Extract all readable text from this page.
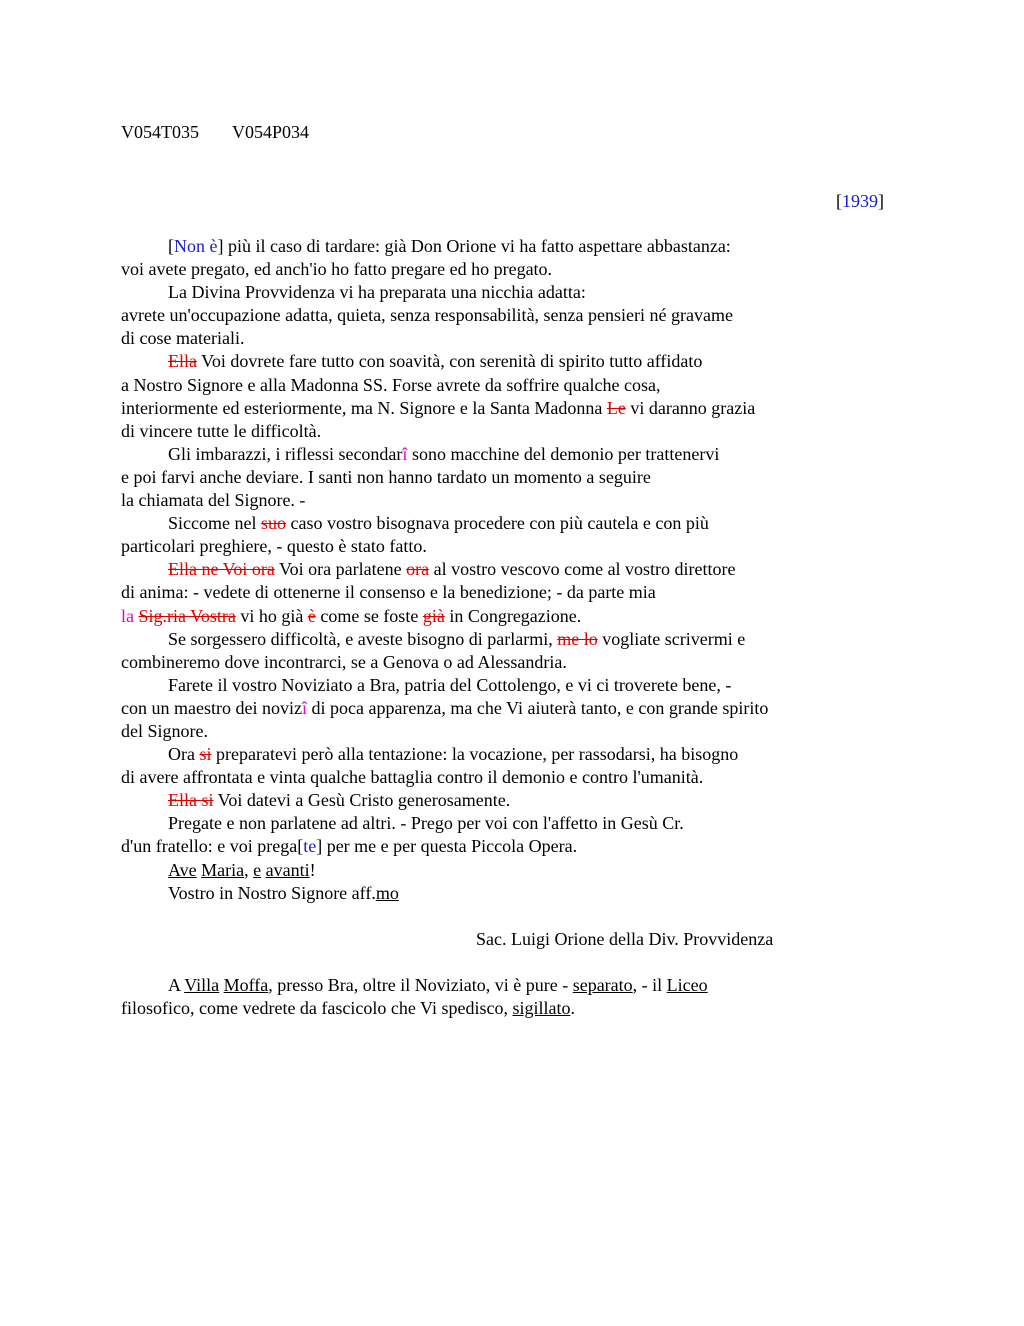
V054T035 V054P034
[1939]
[Non è] più il caso di tardare: già Don Orione vi ha fatto aspettare abbastanza:
voi avete pregato, ed anch'io ho fatto pregare ed ho pregato.
La Divina Provvidenza vi ha preparata una nicchia adatta:
avrete un'occupazione adatta, quieta, senza responsabilità, senza pensieri né gravame
di cose materiali.
Ella Voi dovrete fare tutto con soavità, con serenità di spirito tutto affidato
a Nostro Signore e alla Madonna SS. Forse avrete da soffrire qualche cosa,
interiormente ed esteriormente, ma N. Signore e la Santa Madonna Le vi daranno grazia
di vincere tutte le difficoltà.
Gli imbarazzi, i riflessi secondarî sono macchine del demonio per trattenervi
e poi farvi anche deviare. I santi non hanno tardato un momento a seguire
la chiamata del Signore. -
Siccome nel suo caso vostro bisognava procedere con più cautela e con più
particolari preghiere, - questo è stato fatto.
Ella ne Voi ora Voi ora parlatene ora al vostro vescovo come al vostro direttore
di anima: - vedete di ottenerne il consenso e la benedizione; - da parte mia
la Sig.ria Vostra vi ho già è come se foste già in Congregazione.
Se sorgessero difficoltà, e aveste bisogno di parlarmi, me lo vogliate scrivermi e
combineremo dove incontrarci, se a Genova o ad Alessandria.
Farete il vostro Noviziato a Bra, patria del Cottolengo, e vi ci troverete bene, -
con un maestro dei novizî di poca apparenza, ma che Vi aiuterà tanto, e con grande spirito
del Signore.
Ora si preparatevi però alla tentazione: la vocazione, per rassodarsi, ha bisogno
di avere affrontata e vinta qualche battaglia contro il demonio e contro l'umanità.
Ella si Voi datevi a Gesù Cristo generosamente.
Pregate e non parlatene ad altri. - Prego per voi con l'affetto in Gesù Cr.
d'un fratello: e voi prega[te] per me e per questa Piccola Opera.
Ave Maria, e avanti!
Vostro in Nostro Signore aff.mo
Sac. Luigi Orione della Div. Provvidenza
A Villa Moffa, presso Bra, oltre il Noviziato, vi è pure - separato, - il Liceo
filosofico, come vedrete da fascicolo che Vi spedisco, sigillato.
